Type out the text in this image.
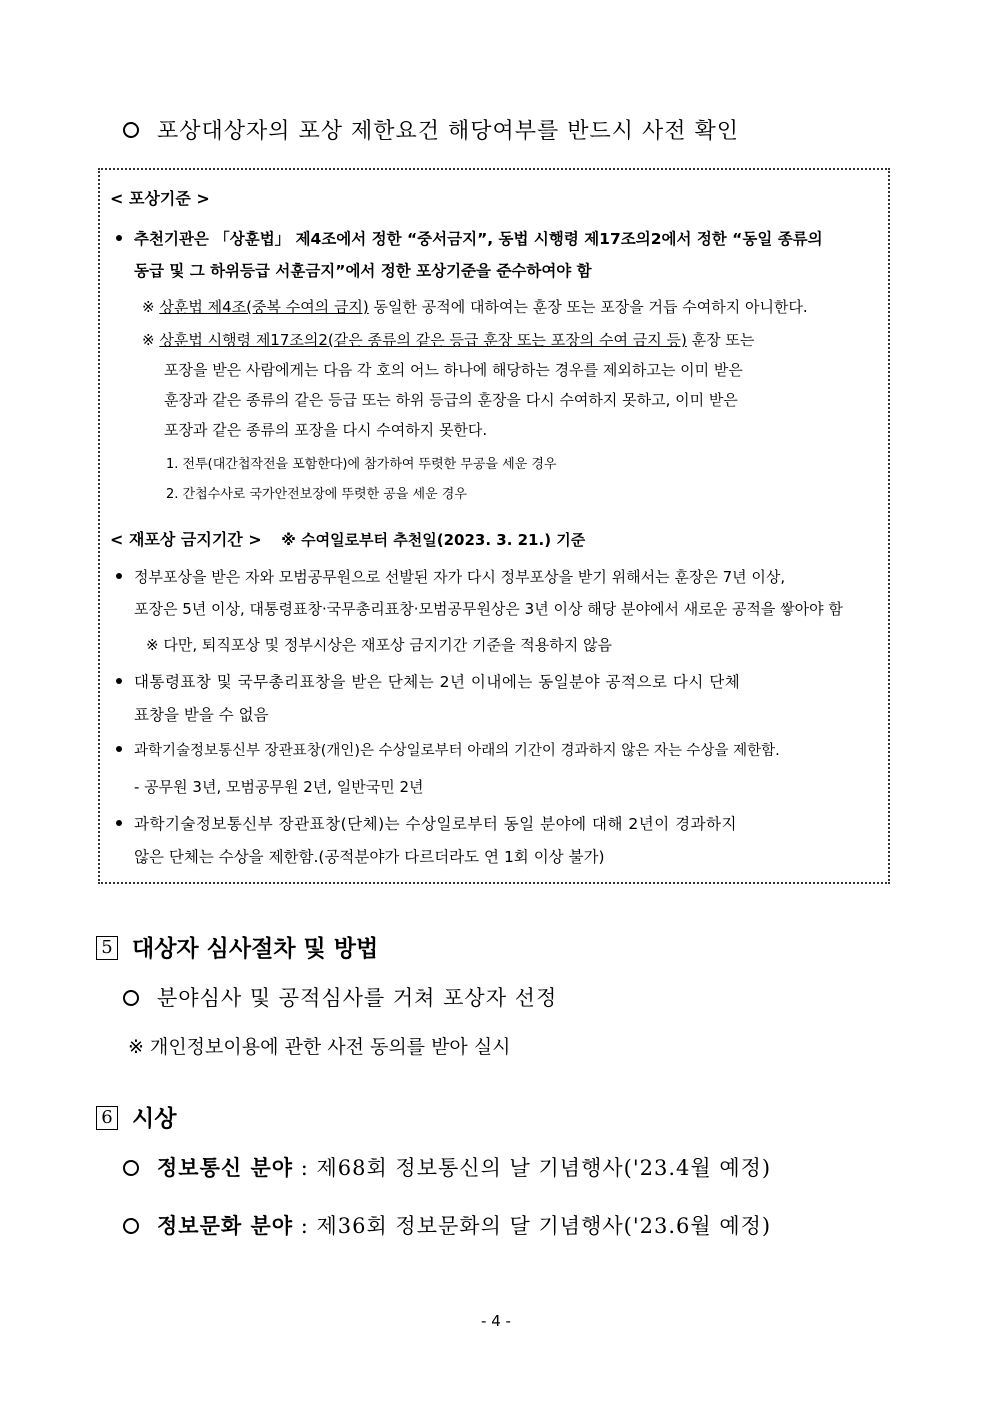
포상대상자의 포상 제한요건 해당여부를 반드시 사전 확인
< 포상기준 >
추천기관은 「상훈법」 제4조에서 정한 “중서금지”, 동법 시행령 제17조의2에서 정한 “동일 종류의
동급 및 그 하위등급 서훈금지”에서 정한 포상기준을 준수하여야 함
※ 상훈법 제4조(중복 수여의 금지) 동일한 공적에 대하여는 훈장 또는 포장을 거듭 수여하지 아니한다.
※ 상훈법 시행령 제17조의2(같은 종류의 같은 등급 훈장 또는 포장의 수여 금지 등) 훈장 또는
포장을 받은 사람에게는 다음 각 호의 어느 하나에 해당하는 경우를 제외하고는 이미 받은
훈장과 같은 종류의 같은 등급 또는 하위 등급의 훈장을 다시 수여하지 못하고, 이미 받은
포장과 같은 종류의 포장을 다시 수여하지 못한다.
1. 전투(대간첩작전을 포함한다)에 참가하여 뚜렷한 무공을 세운 경우
2. 간첩수사로 국가안전보장에 뚜렷한 공을 세운 경우
< 재포상 금지기간 > ※ 수여일로부터 추천일(2023. 3. 21.) 기준
정부포상을 받은 자와 모범공무원으로 선발된 자가 다시 정부포상을 받기 위해서는 훈장은 7년 이상,
포장은 5년 이상, 대통령표창·국무총리표창·모범공무원상은 3년 이상 해당 분야에서 새로운 공적을 쌓아야 함
※ 다만, 퇴직포상 및 정부시상은 재포상 금지기간 기준을 적용하지 않음
대통령표창 및 국무총리표창을 받은 단체는 2년 이내에는 동일분야 공적으로 다시 단체
표창을 받을 수 없음
과학기술정보통신부 장관표창(개인)은 수상일로부터 아래의 기간이 경과하지 않은 자는 수상을 제한함.
- 공무원 3년, 모범공무원 2년, 일반국민 2년
과학기술정보통신부 장관표창(단체)는 수상일로부터 동일 분야에 대해 2년이 경과하지
않은 단체는 수상을 제한함.(공적분야가 다르더라도 연 1회 이상 불가)
5 대상자 심사절차 및 방법
분야심사 및 공적심사를 거쳐 포상자 선정
※ 개인정보이용에 관한 사전 동의를 받아 실시
6 시상
정보통신 분야 : 제68회 정보통신의 날 기념행사('23.4월 예정)
정보문화 분야 : 제36회 정보문화의 달 기념행사('23.6월 예정)
- 4 -
